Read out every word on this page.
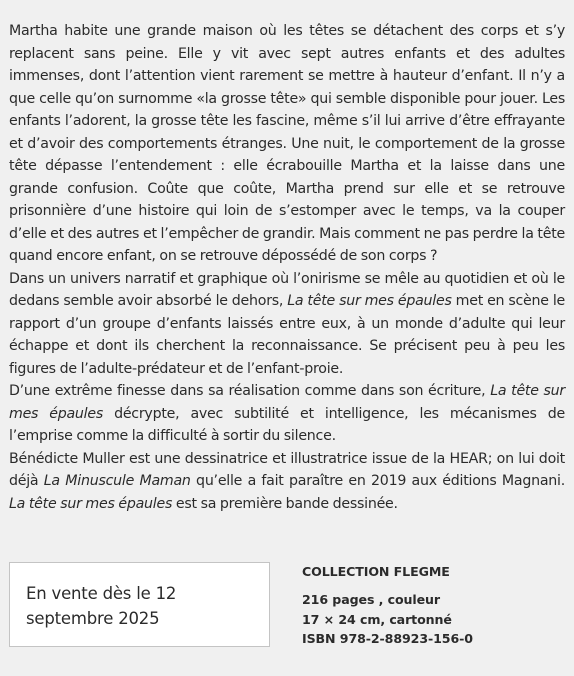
Martha habite une grande maison où les têtes se détachent des corps et s’y replacent sans peine. Elle y vit avec sept autres enfants et des adultes immenses, dont l’attention vient rarement se mettre à hauteur d’enfant. Il n’y a que celle qu’on surnomme «la grosse tête» qui semble disponible pour jouer. Les enfants l’adorent, la grosse tête les fascine, même s’il lui arrive d’être effrayante et d’avoir des comportements étranges. Une nuit, le comportement de la grosse tête dépasse l’entendement : elle écrabouille Martha et la laisse dans une grande confusion. Coûte que coûte, Martha prend sur elle et se retrouve prisonnière d’une histoire qui loin de s’estomper avec le temps, va la couper d’elle et des autres et l’empêcher de grandir. Mais comment ne pas perdre la tête quand encore enfant, on se retrouve dépossédé de son corps ?

Dans un univers narratif et graphique où l’onirisme se mêle au quotidien et où le dedans semble avoir absorbé le dehors, La tête sur mes épaules met en scène le rapport d’un groupe d’enfants laissés entre eux, à un monde d’adulte qui leur échappe et dont ils cherchent la reconnaissance. Se précisent peu à peu les figures de l’adulte-prédateur et de l’enfant-proie.

D’une extrême finesse dans sa réalisation comme dans son écriture, La tête sur mes épaules décrypte, avec subtilité et intelligence, les mécanismes de l’emprise comme la difficulté à sortir du silence.

Bénédicte Muller est une dessinatrice et illustratrice issue de la HEAR; on lui doit déjà La Minuscule Maman qu’elle a fait paraître en 2019 aux éditions Magnani. La tête sur mes épaules est sa première bande dessinée.

En vente dès le 12
septembre 2025
COLLECTION FLEGME
216 pages , couleur
17 × 24 cm, cartonné
ISBN 978-2-88923-156-0
